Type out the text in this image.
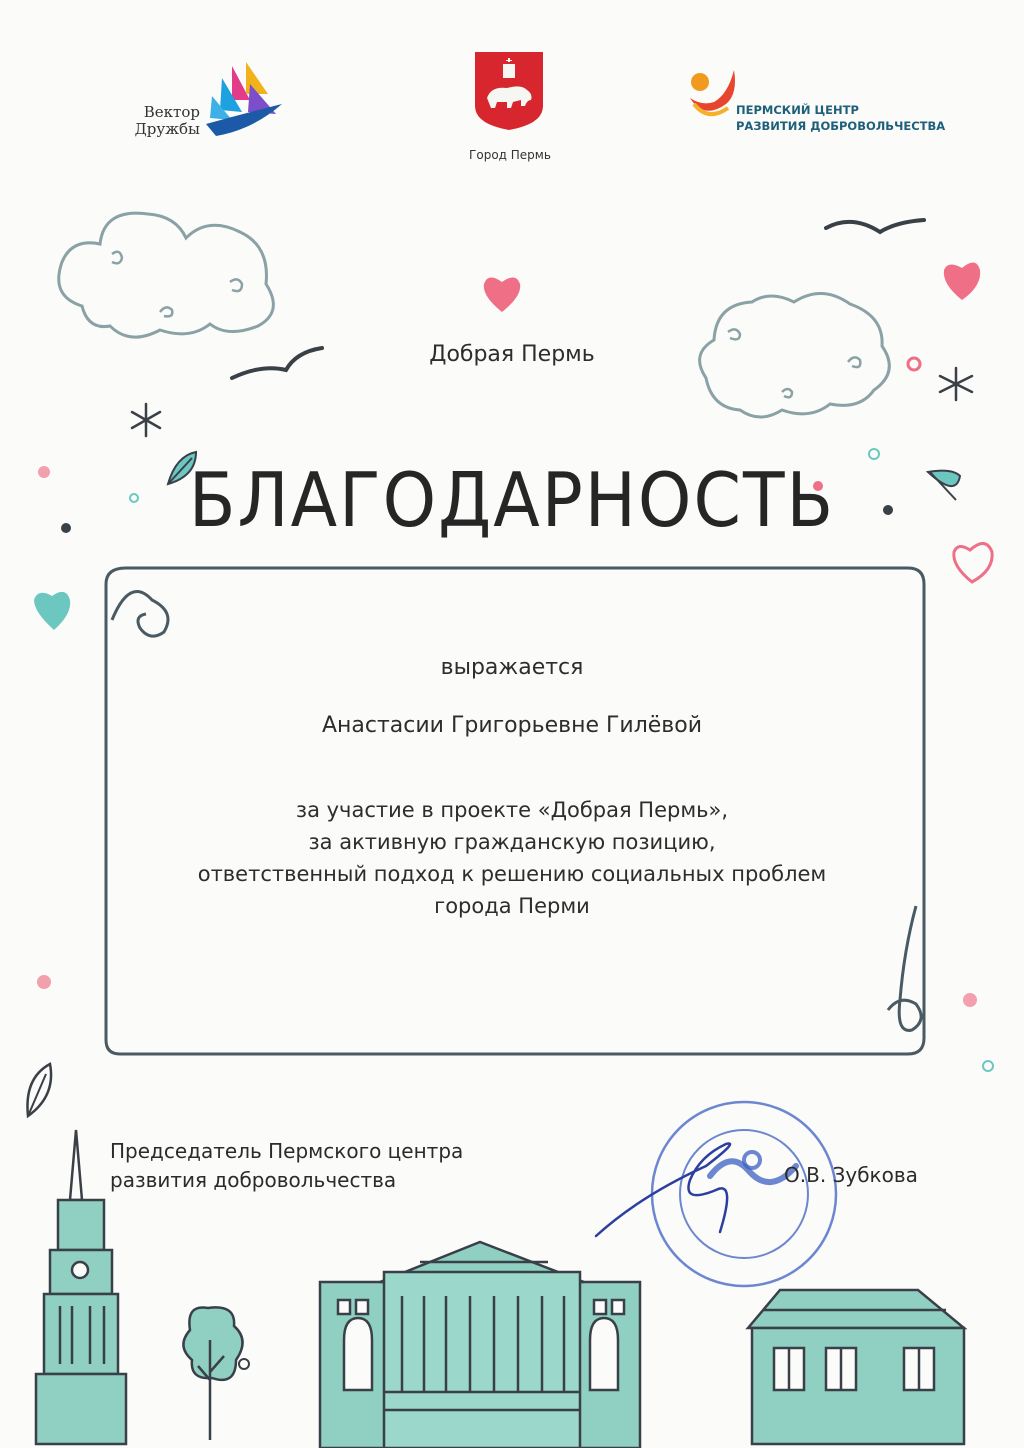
Вектор Дружбы
Город Пермь
ПЕРМСКИЙ ЦЕНТР
РАЗВИТИЯ ДОБРОВОЛЬЧЕСТВА
Добрая Пермь
БЛАГОДАРНОСТЬ
выражается
Анастасии Григорьевне Гилёвой
за участие в проекте «Добрая Пермь»,
за активную гражданскую позицию,
ответственный подход к решению социальных проблем
города Перми
Председатель Пермского центра
развития добровольчества	О.В. Зубкова
